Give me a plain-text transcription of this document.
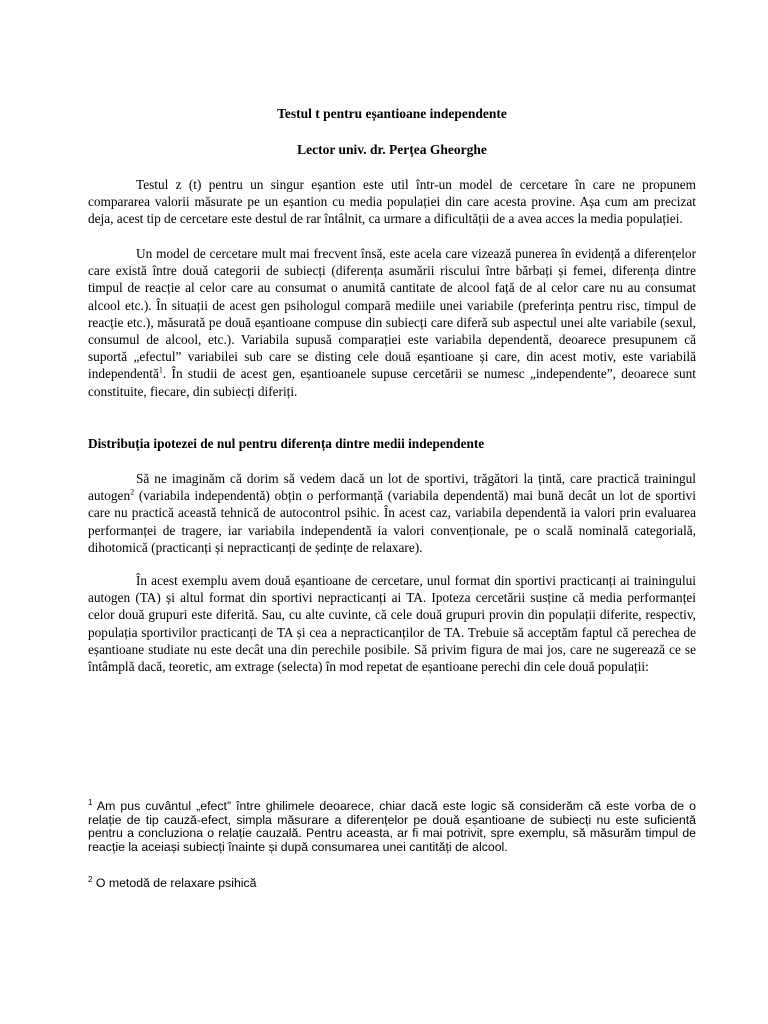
Testul t pentru eșantioane independente
Lector univ. dr. Perțea Gheorghe

Testul z (t) pentru un singur eșantion este util într-un model de cercetare în care ne propunem compararea valorii măsurate pe un eșantion cu media populației din care acesta provine. Așa cum am precizat deja, acest tip de cercetare este destul de rar întâlnit, ca urmare a dificultății de a avea acces la media populației.

Un model de cercetare mult mai frecvent însă, este acela care vizează punerea în evidență a diferențelor care există între două categorii de subiecți (diferența asumării riscului între bărbați și femei, diferența dintre timpul de reacție al celor care au consumat o anumită cantitate de alcool față de al celor care nu au consumat alcool etc.). În situații de acest gen psihologul compară mediile unei variabile (preferința pentru risc, timpul de reacție etc.), măsurată pe două eșantioane compuse din subiecți care diferă sub aspectul unei alte variabile (sexul, consumul de alcool, etc.). Variabila supusă comparației este variabila dependentă, deoarece presupunem că suportă „efectul” variabilei sub care se disting cele două eșantioane și care, din acest motiv, este variabilă independentă$^1$. În studii de acest gen, eșantioanele supuse cercetării se numesc „independente”, deoarece sunt constituite, fiecare, din subiecți diferiți.

Distribuția ipotezei de nul pentru diferența dintre medii independente

Să ne imaginăm că dorim să vedem dacă un lot de sportivi, trăgători la țintă, care practică trainingul autogen$^2$ (variabila independentă) obțin o performanță (variabila dependentă) mai bună decât un lot de sportivi care nu practică această tehnică de autocontrol psihic. În acest caz, variabila dependentă ia valori prin evaluarea performanței de tragere, iar variabila independentă ia valori convenționale, pe o scală nominală categorială, dihotomică (practicanți și nepracticanți de ședințe de relaxare).

În acest exemplu avem două eșantioane de cercetare, unul format din sportivi practicanți ai trainingului autogen (TA) și altul format din sportivi nepracticanți ai TA. Ipoteza cercetării susține că media performanței celor două grupuri este diferită. Sau, cu alte cuvinte, că cele două grupuri provin din populații diferite, respectiv, populația sportivilor practicanți de TA și cea a nepracticanților de TA. Trebuie să acceptăm faptul că perechea de eșantioane studiate nu este decât una din perechile posibile. Să privim figura de mai jos, care ne sugerează ce se întâmplă dacă, teoretic, am extrage (selecta) în mod repetat de eșantioane perechi din cele două populații:

$^1$ Am pus cuvântul „efect” între ghilimele deoarece, chiar dacă este logic să considerăm că este vorba de o relație de tip cauză-efect, simpla măsurare a diferențelor pe două eșantioane de subiecți nu este suficientă pentru a concluziona o relație cauzală. Pentru aceasta, ar fi mai potrivit, spre exemplu, să măsurăm timpul de reacție la aceiași subiecți înainte și după consumarea unei cantități de alcool.

$^2$ O metodă de relaxare psihică
